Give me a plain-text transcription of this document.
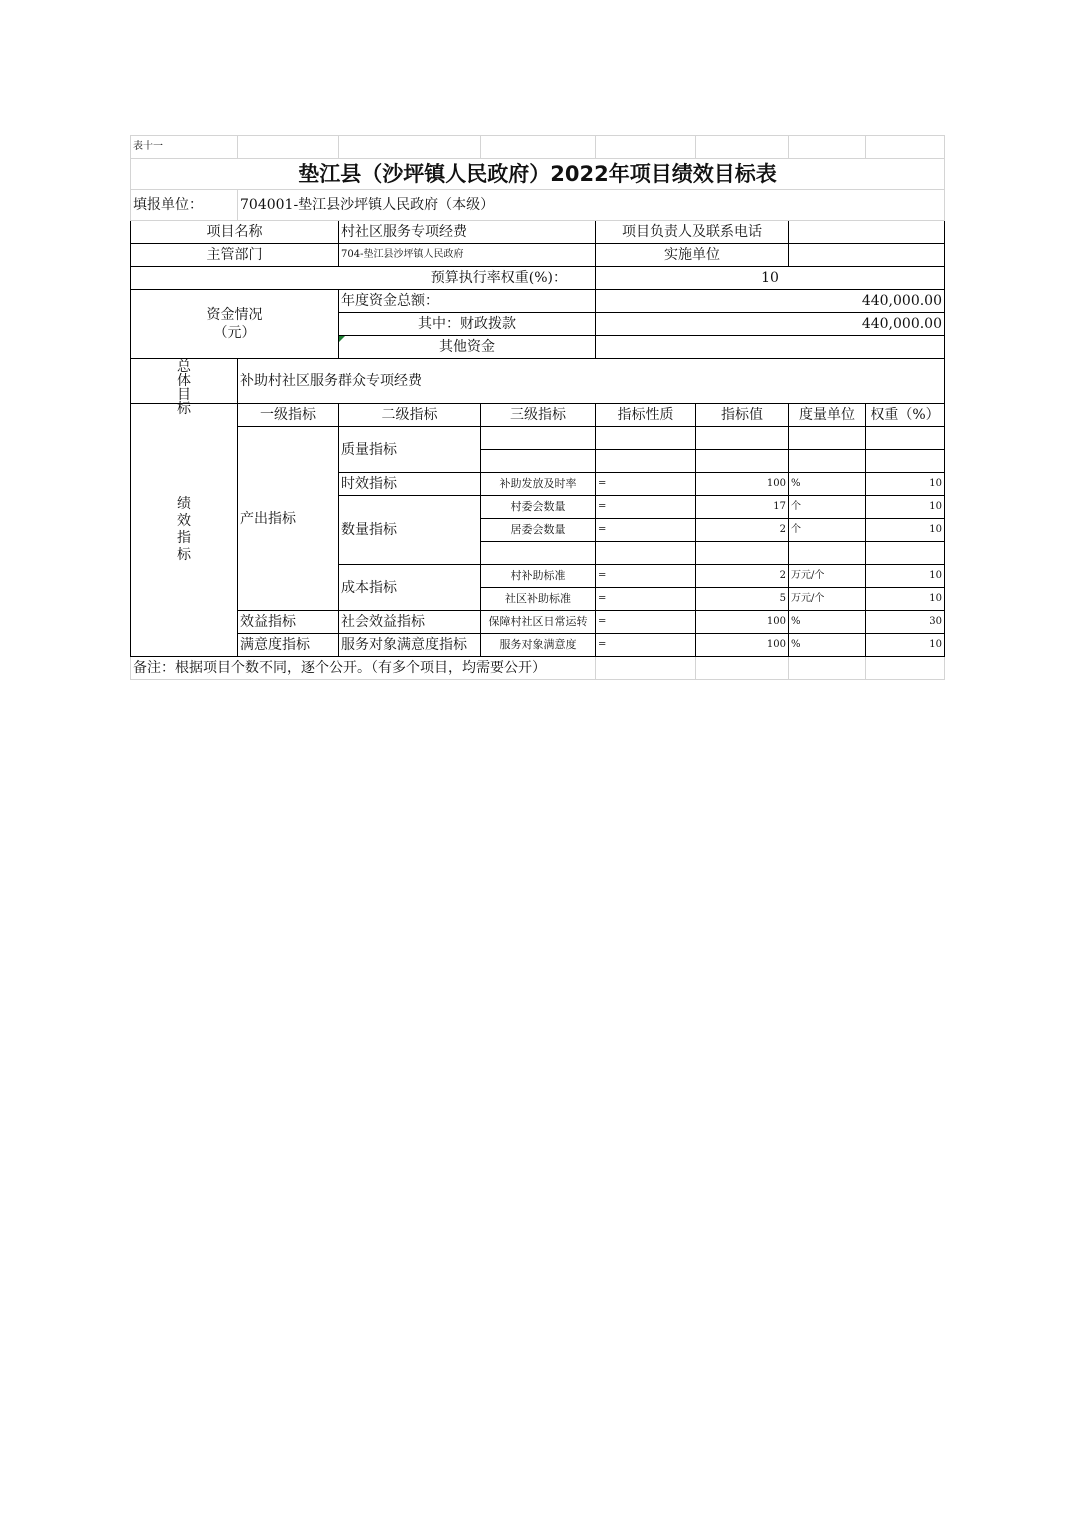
表十一							
垫江县（沙坪镇人民政府）2022年项目绩效目标表							
填报单位：	704001-垫江县沙坪镇人民政府（本级）						
项目名称		村社区服务专项经费		项目负责人及联系电话			
主管部门		704-垫江县沙坪镇人民政府		实施单位			
预算执行率权重(%)：				10			

资金情况
（元）		年度资金总额：		440,000.00			
		其中：财政拨款		440,000.00			
		其他资金					

总体目标	补助村社区服务群众专项经费						

绩效指标	一级指标	二级指标	三级指标	指标性质	指标值	度量单位	权重（%）
	产出指标	质量指标					

		时效指标	补助发放及时率	=	100	%	10
		数量指标	村委会数量	=	17	个	10
			居委会数量	=	2	个	10

		成本指标	村补助标准	=	2	万元/个	10
			社区补助标准	=	5	万元/个	10
	效益指标	社会效益指标	保障村社区日常运转	=	100	%	30
	满意度指标	服务对象满意度指标	服务对象满意度	=	100	%	10
备注：根据项目个数不同，逐个公开。（有多个项目，均需要公开）							
